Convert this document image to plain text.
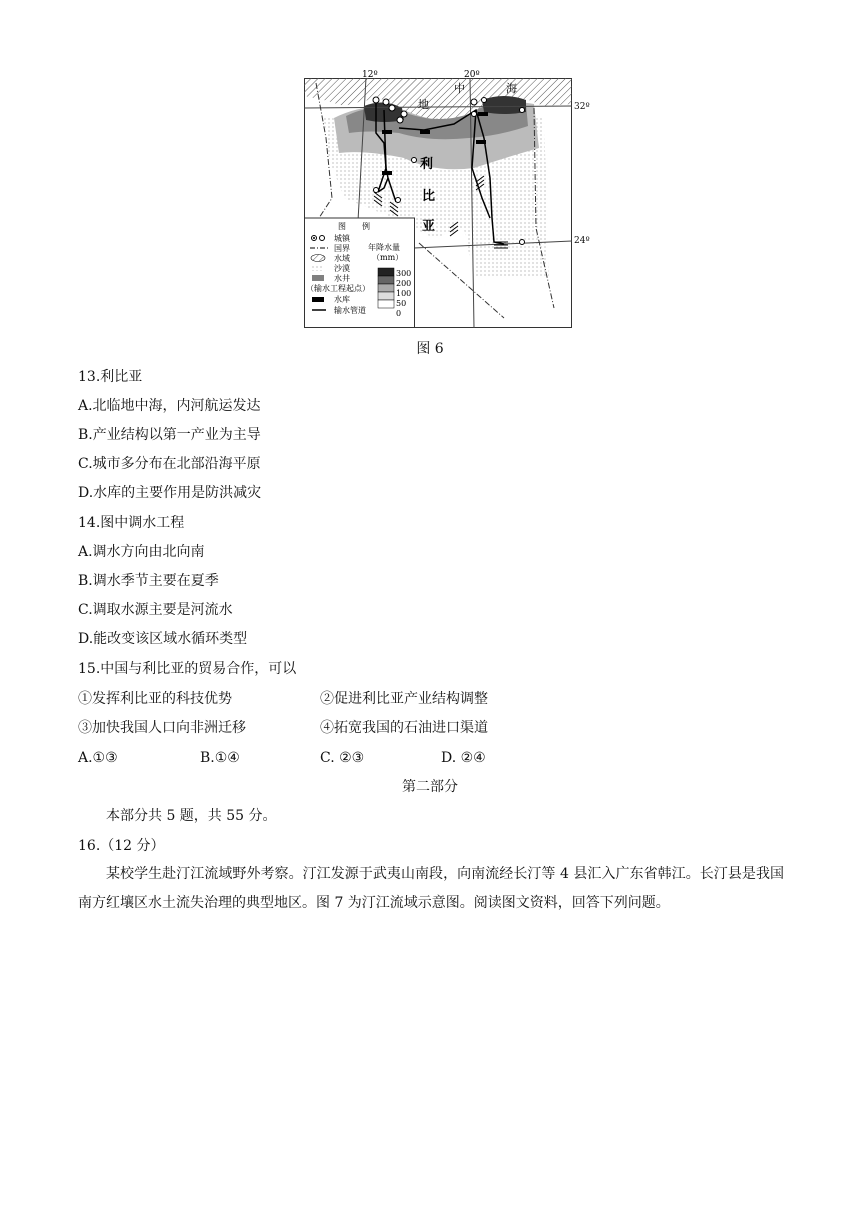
12º	20º
地
中	海
利
比
亚
图　　例
城镇
国界
水域
沙漠
水井
（输水工程起点）
水库
输水管道
年降水量
（mm）
300
200
100
50
0
32º
24º
图 6
13.利比亚
A.北临地中海，内河航运发达
B.产业结构以第一产业为主导
C.城市多分布在北部沿海平原
D.水库的主要作用是防洪减灾
14.图中调水工程
A.调水方向由北向南
B.调水季节主要在夏季
C.调取水源主要是河流水
D.能改变该区域水循环类型
15.中国与利比亚的贸易合作，可以
①发挥利比亚的科技优势	②促进利比亚产业结构调整
③加快我国人口向非洲迁移	④拓宽我国的石油进口渠道
A.①③	B.①④	C. ②③	D. ②④
第二部分
本部分共 5 题，共 55 分。
16.（12 分）
某校学生赴汀江流域野外考察。汀江发源于武夷山南段，向南流经长汀等 4 县汇入广东省韩江。长汀县是我国南方红壤区水土流失治理的典型地区。图 7 为汀江流域示意图。阅读图文资料，回答下列问题。
